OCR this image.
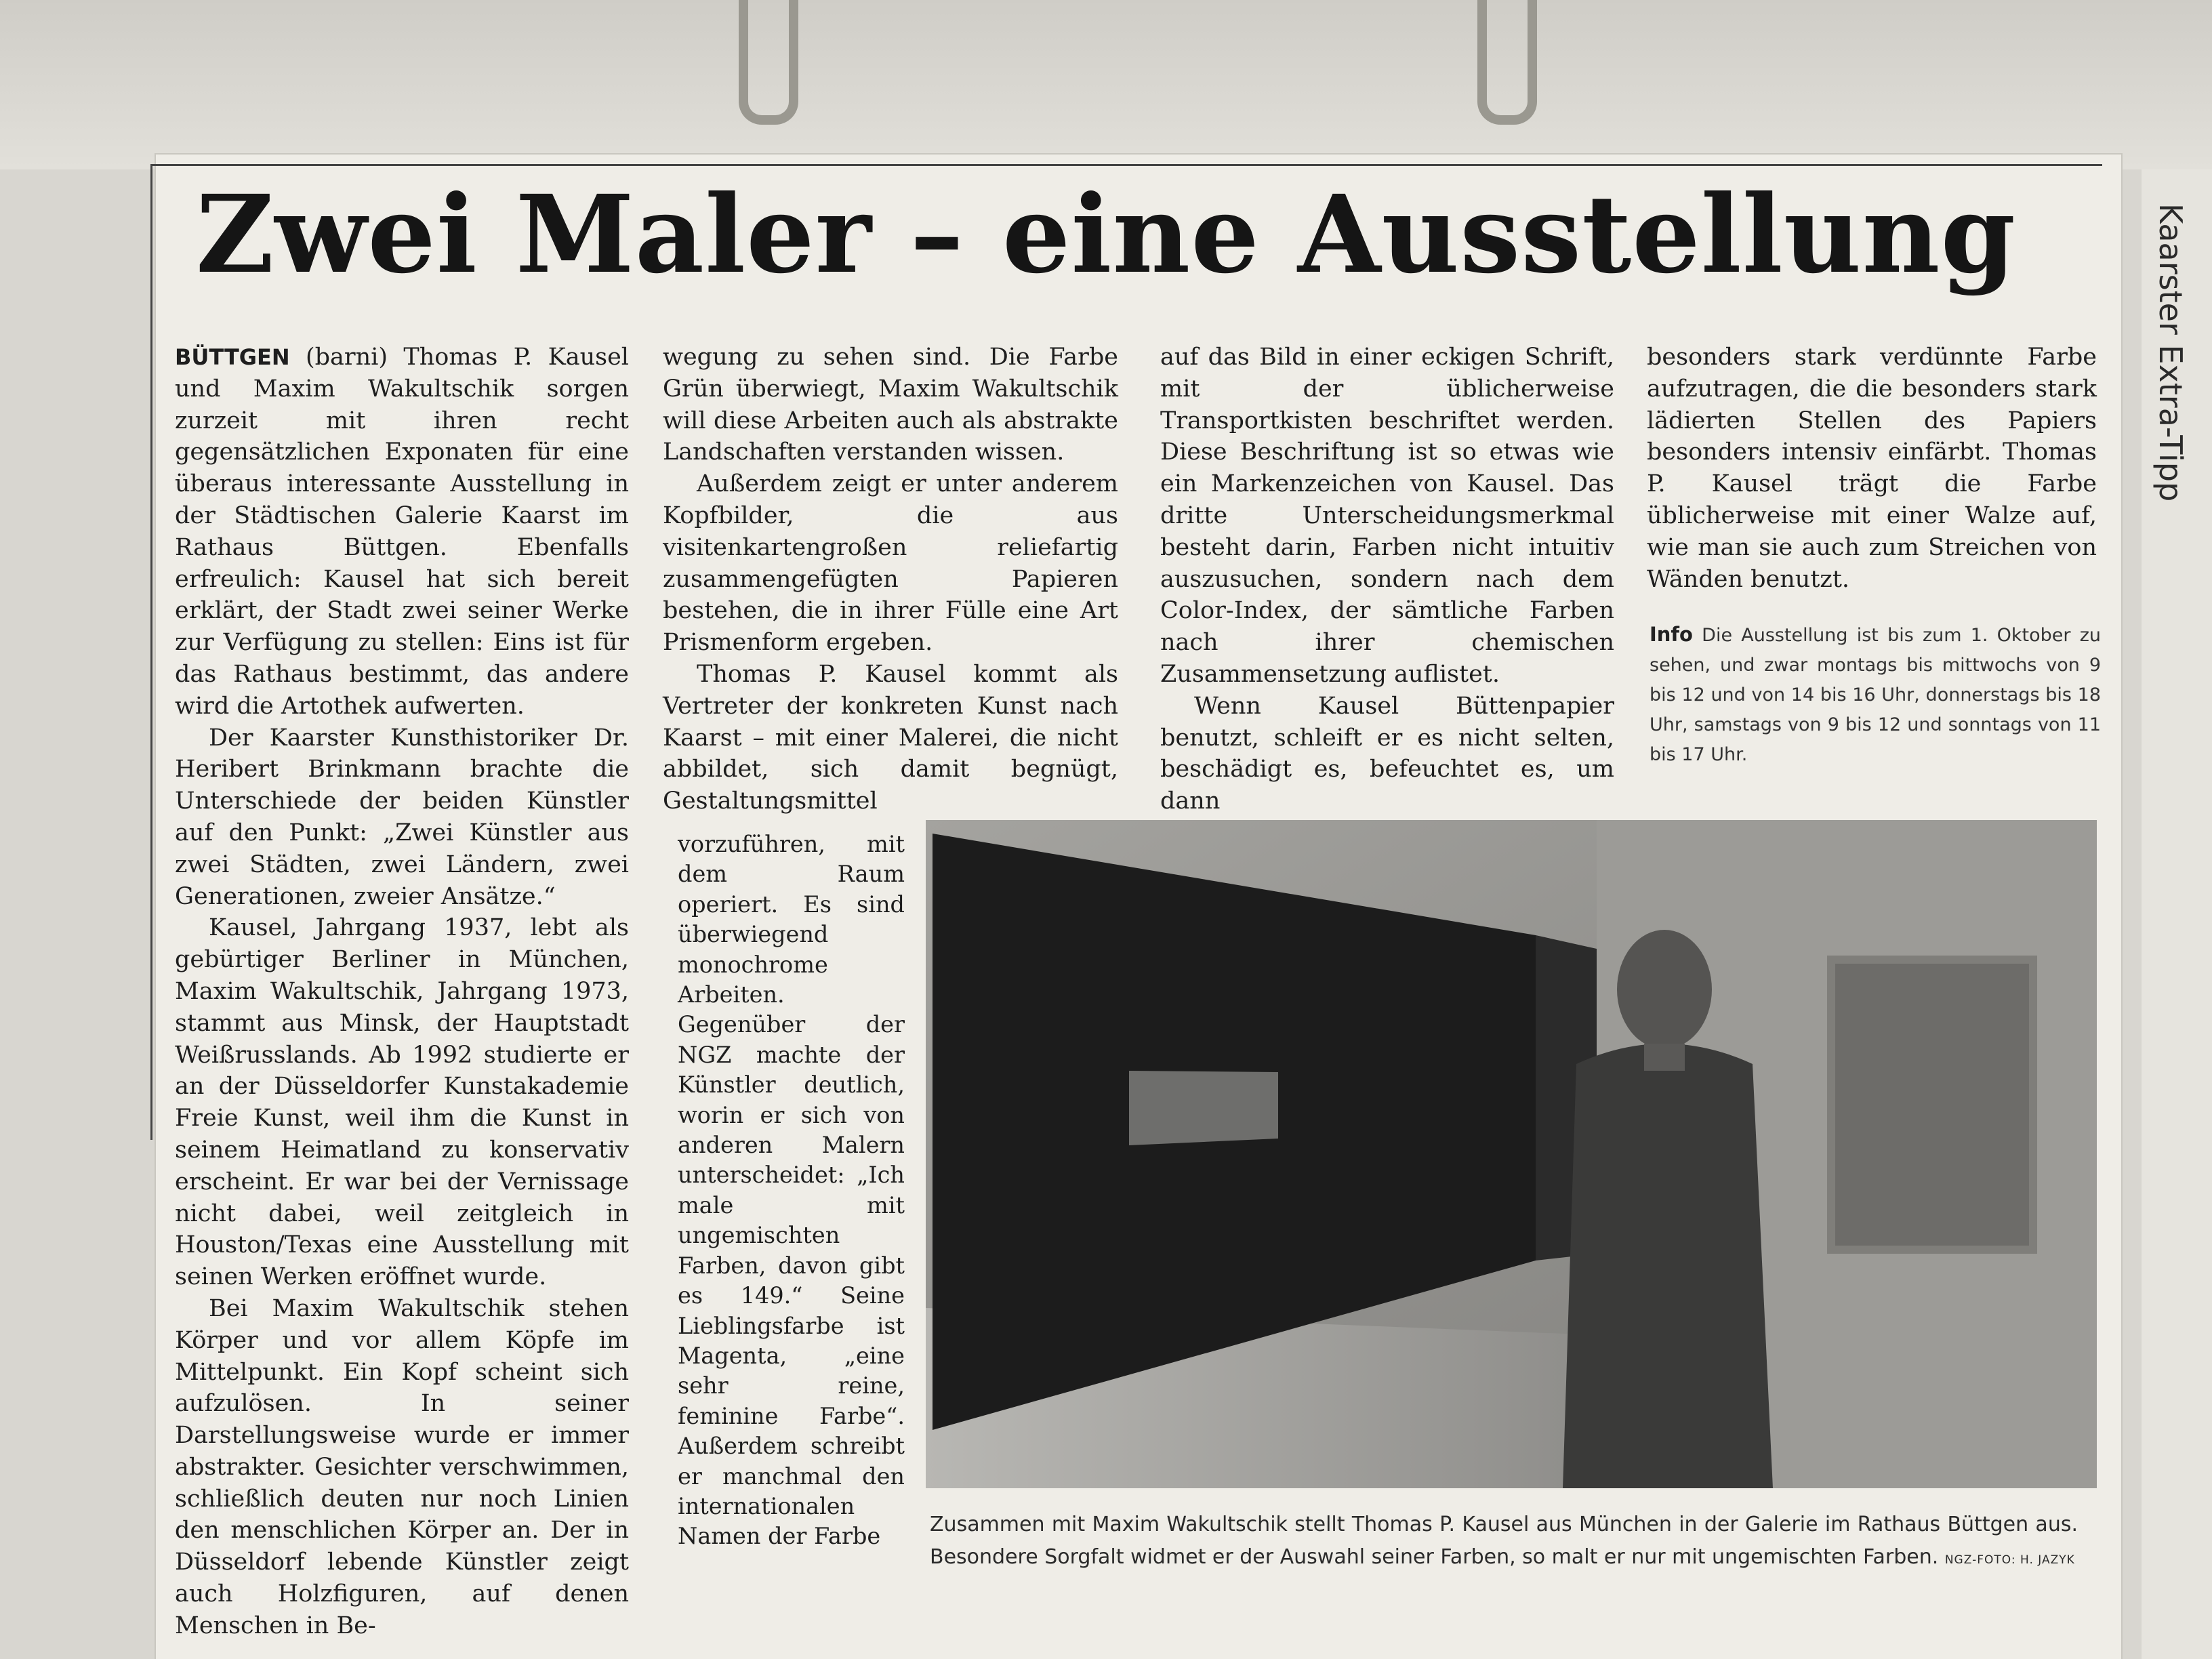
Kaarster Extra-Tipp
Zwei Maler – eine Ausstellung

BÜTTGEN (barni) Thomas P. Kausel und Maxim Wakultschik sorgen zurzeit mit ihren recht gegensätzlichen Exponaten für eine überaus interessante Ausstellung in der Städtischen Galerie Kaarst im Rathaus Büttgen. Ebenfalls erfreulich: Kausel hat sich bereit erklärt, der Stadt zwei seiner Werke zur Verfügung zu stellen: Eins ist für das Rathaus bestimmt, das andere wird die Artothek aufwerten.

Der Kaarster Kunsthistoriker Dr. Heribert Brinkmann brachte die Unterschiede der beiden Künstler auf den Punkt: „Zwei Künstler aus zwei Städten, zwei Ländern, zwei Generationen, zweier Ansätze.“

Kausel, Jahrgang 1937, lebt als gebürtiger Berliner in München, Maxim Wakultschik, Jahrgang 1973, stammt aus Minsk, der Hauptstadt Weißrusslands. Ab 1992 studierte er an der Düsseldorfer Kunstakademie Freie Kunst, weil ihm die Kunst in seinem Heimatland zu konservativ erscheint. Er war bei der Vernissage nicht dabei, weil zeitgleich in Houston/Texas eine Ausstellung mit seinen Werken eröffnet wurde.

Bei Maxim Wakultschik stehen Körper und vor allem Köpfe im Mittelpunkt. Ein Kopf scheint sich aufzulösen. In seiner Darstellungsweise wurde er immer abstrakter. Gesichter verschwimmen, schließlich deuten nur noch Linien den menschlichen Körper an. Der in Düsseldorf lebende Künstler zeigt auch Holzfiguren, auf denen Menschen in Be-

wegung zu sehen sind. Die Farbe Grün überwiegt, Maxim Wakultschik will diese Arbeiten auch als abstrakte Landschaften verstanden wissen.

Außerdem zeigt er unter anderem Kopfbilder, die aus visitenkartengroßen reliefartig zusammengefügten Papieren bestehen, die in ihrer Fülle eine Art Prismenform ergeben.

Thomas P. Kausel kommt als Vertreter der konkreten Kunst nach Kaarst – mit einer Malerei, die nicht abbildet, sich damit begnügt, Gestaltungsmittel

vorzuführen, mit dem Raum operiert. Es sind überwiegend monochrome Arbeiten. Gegenüber der NGZ machte der Künstler deutlich, worin er sich von anderen Malern unterscheidet: „Ich male mit ungemischten Farben, davon gibt es 149.“ Seine Lieblingsfarbe ist Magenta, „eine sehr reine, feminine Farbe“. Außerdem schreibt er manchmal den internationalen Namen der Farbe

auf das Bild in einer eckigen Schrift, mit der üblicherweise Transportkisten beschriftet werden. Diese Beschriftung ist so etwas wie ein Markenzeichen von Kausel. Das dritte Unterscheidungsmerkmal besteht darin, Farben nicht intuitiv auszusuchen, sondern nach dem Color-Index, der sämtliche Farben nach ihrer chemischen Zusammensetzung auflistet.

Wenn Kausel Büttenpapier benutzt, schleift er es nicht selten, beschädigt es, befeuchtet es, um dann

besonders stark verdünnte Farbe aufzutragen, die die besonders stark lädierten Stellen des Papiers besonders intensiv einfärbt. Thomas P. Kausel trägt die Farbe üblicherweise mit einer Walze auf, wie man sie auch zum Streichen von Wänden benutzt.

Info Die Ausstellung ist bis zum 1. Oktober zu sehen, und zwar montags bis mittwochs von 9 bis 12 und von 14 bis 16 Uhr, donnerstags bis 18 Uhr, samstags von 9 bis 12 und sonntags von 11 bis 17 Uhr.
Zusammen mit Maxim Wakultschik stellt Thomas P. Kausel aus München in der Galerie im Rathaus Büttgen aus. Besondere Sorgfalt widmet er der Auswahl seiner Farben, so malt er nur mit ungemischten Farben. NGZ-FOTO: H. JAZYK
